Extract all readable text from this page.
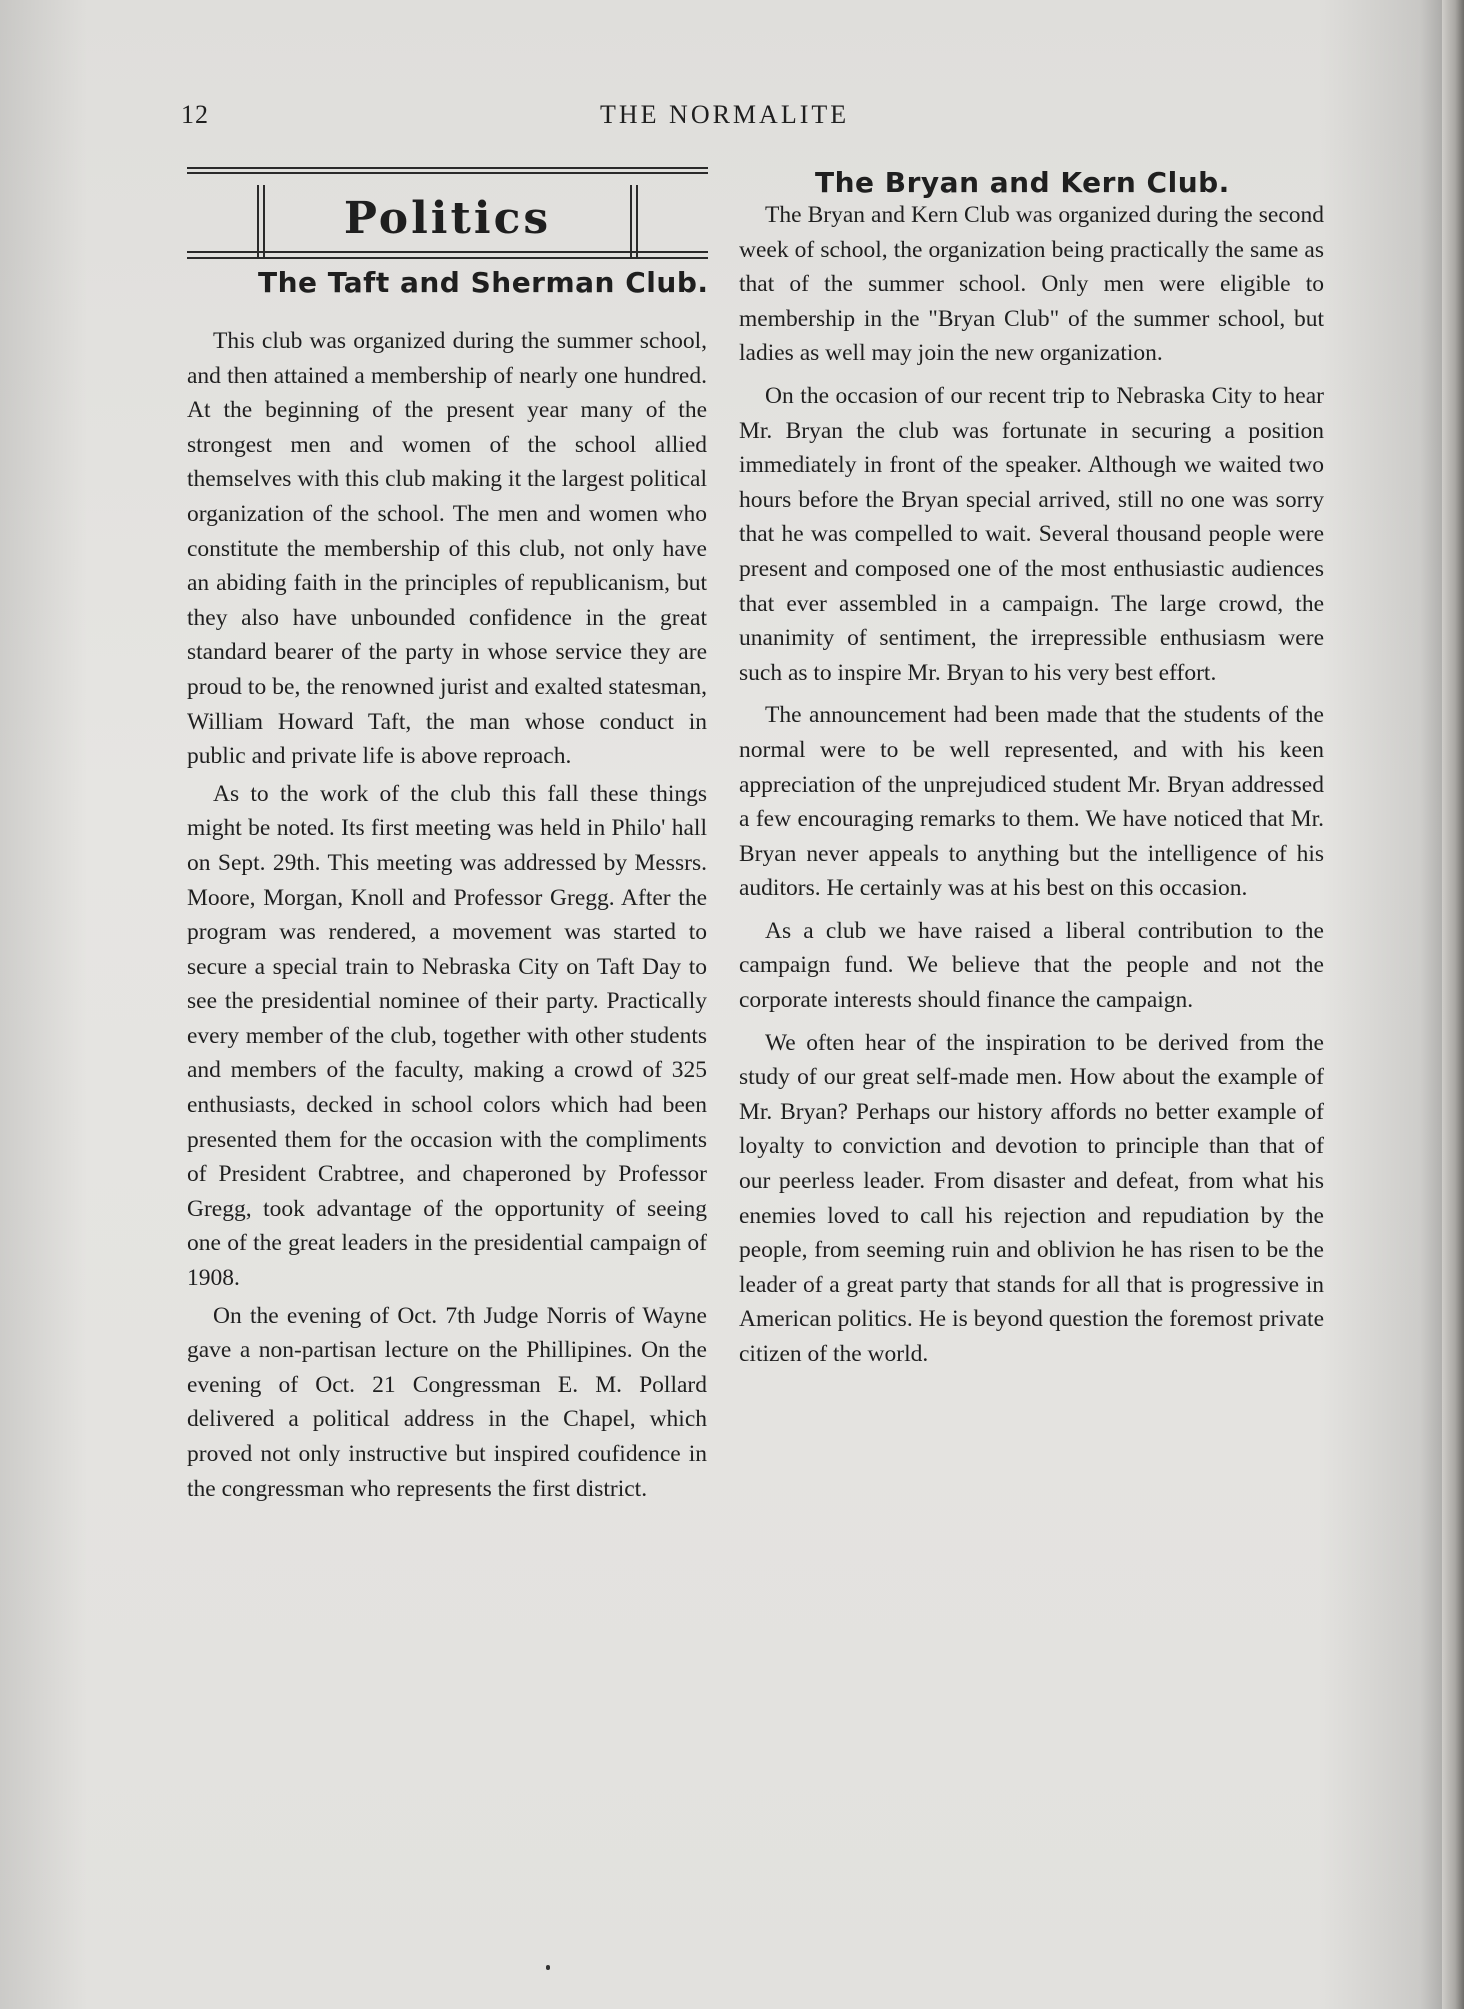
12	THE NORMALITE
Politics
The Taft and Sherman Club.

This club was organized during the summer school, and then attained a membership of nearly one hundred. At the beginning of the present year many of the strongest men and women of the school allied themselves with this club making it the largest political organization of the school. The men and women who constitute the membership of this club, not only have an abiding faith in the principles of republicanism, but they also have unbounded confidence in the great standard bearer of the party in whose service they are proud to be, the renowned jurist and exalted statesman, William Howard Taft, the man whose conduct in public and private life is above reproach.

As to the work of the club this fall these things might be noted. Its first meeting was held in Philo' hall on Sept. 29th. This meeting was addressed by Messrs. Moore, Morgan, Knoll and Professor Gregg. After the program was rendered, a movement was started to secure a special train to Nebraska City on Taft Day to see the presidential nominee of their party. Practically every member of the club, together with other students and members of the faculty, making a crowd of 325 enthusiasts, decked in school colors which had been presented them for the occasion with the compliments of President Crabtree, and chaperoned by Professor Gregg, took advantage of the opportunity of seeing one of the great leaders in the presidential campaign of 1908.

On the evening of Oct. 7th Judge Norris of Wayne gave a non-partisan lecture on the Phillipines. On the evening of Oct. 21 Congressman E. M. Pollard delivered a political address in the Chapel, which proved not only instructive but inspired coufidence in the congressman who represents the first district.

The Bryan and Kern Club.

The Bryan and Kern Club was organized during the second week of school, the organization being practically the same as that of the summer school. Only men were eligible to membership in the "Bryan Club" of the summer school, but ladies as well may join the new organization.

On the occasion of our recent trip to Nebraska City to hear Mr. Bryan the club was fortunate in securing a position immediately in front of the speaker. Although we waited two hours before the Bryan special arrived, still no one was sorry that he was compelled to wait. Several thousand people were present and composed one of the most enthusiastic audiences that ever assembled in a campaign. The large crowd, the unanimity of sentiment, the irrepressible enthusiasm were such as to inspire Mr. Bryan to his very best effort.

The announcement had been made that the students of the normal were to be well represented, and with his keen appreciation of the unprejudiced student Mr. Bryan addressed a few encouraging remarks to them. We have noticed that Mr. Bryan never appeals to anything but the intelligence of his auditors. He certainly was at his best on this occasion.

As a club we have raised a liberal contribution to the campaign fund. We believe that the people and not the corporate interests should finance the campaign.

We often hear of the inspiration to be derived from the study of our great self-made men. How about the example of Mr. Bryan? Perhaps our history affords no better example of loyalty to conviction and devotion to principle than that of our peerless leader. From disaster and defeat, from what his enemies loved to call his rejection and repudiation by the people, from seeming ruin and oblivion he has risen to be the leader of a great party that stands for all that is progressive in American politics. He is beyond question the foremost private citizen of the world.
